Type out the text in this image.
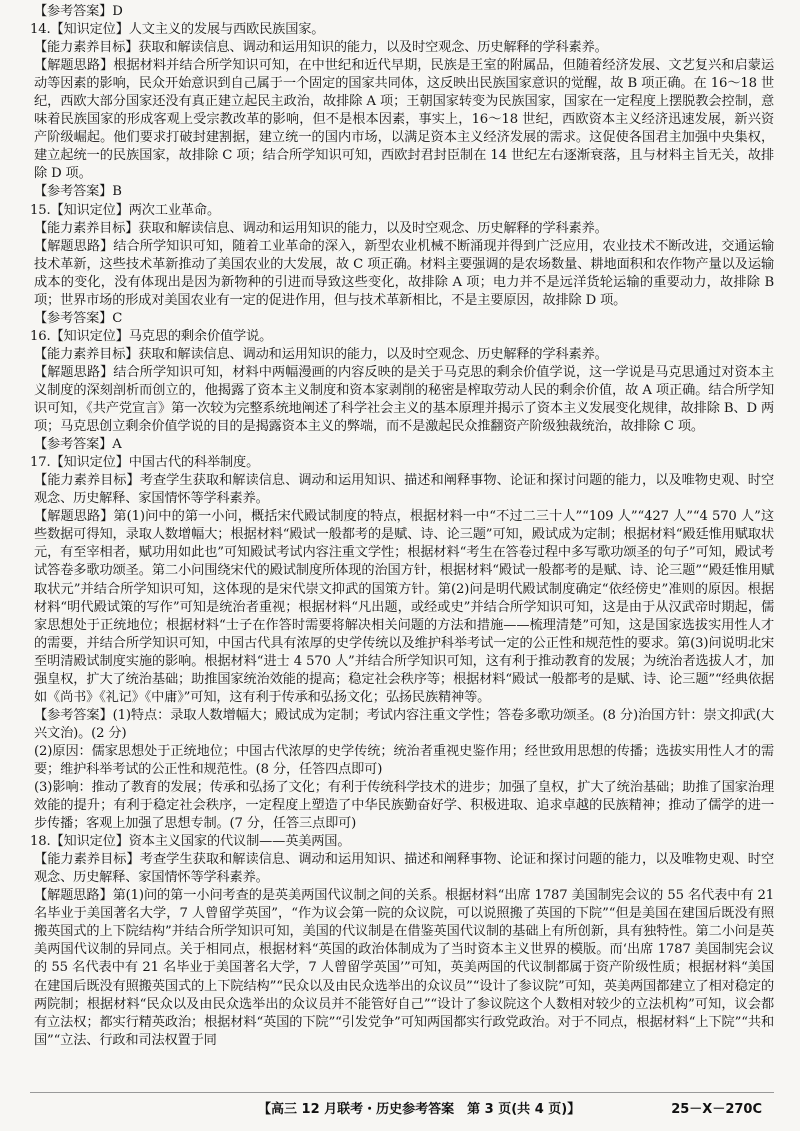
【参考答案】D

14.【知识定位】人文主义的发展与西欧民族国家。

【能力素养目标】获取和解读信息、调动和运用知识的能力，以及时空观念、历史解释的学科素养。

【解题思路】根据材料并结合所学知识可知，在中世纪和近代早期，民族是王室的附属品，但随着经济发展、文艺复兴和启蒙运动等因素的影响，民众开始意识到自己属于一个固定的国家共同体，这反映出民族国家意识的觉醒，故 B 项正确。在 16～18 世纪，西欧大部分国家还没有真正建立起民主政治，故排除 A 项；王朝国家转变为民族国家，国家在一定程度上摆脱教会控制，意味着民族国家的形成客观上受宗教改革的影响，但不是根本因素，事实上，16～18 世纪，西欧资本主义经济迅速发展，新兴资产阶级崛起。他们要求打破封建割据，建立统一的国内市场，以满足资本主义经济发展的需求。这促使各国君主加强中央集权，建立起统一的民族国家，故排除 C 项；结合所学知识可知，西欧封君封臣制在 14 世纪左右逐渐衰落，且与材料主旨无关，故排除 D 项。

【参考答案】B

15.【知识定位】两次工业革命。

【能力素养目标】获取和解读信息、调动和运用知识的能力，以及时空观念、历史解释的学科素养。

【解题思路】结合所学知识可知，随着工业革命的深入，新型农业机械不断涌现并得到广泛应用，农业技术不断改进，交通运输技术革新，这些技术革新推动了美国农业的大发展，故 C 项正确。材料主要强调的是农场数量、耕地面积和农作物产量以及运输成本的变化，没有体现出是因为新物种的引进而导致这些变化，故排除 A 项；电力并不是远洋货轮运输的重要动力，故排除 B 项；世界市场的形成对美国农业有一定的促进作用，但与技术革新相比，不是主要原因，故排除 D 项。

【参考答案】C

16.【知识定位】马克思的剩余价值学说。

【能力素养目标】获取和解读信息、调动和运用知识的能力，以及时空观念、历史解释的学科素养。

【解题思路】结合所学知识可知，材料中两幅漫画的内容反映的是关于马克思的剩余价值学说，这一学说是马克思通过对资本主义制度的深刻剖析而创立的，他揭露了资本主义制度和资本家剥削的秘密是榨取劳动人民的剩余价值，故 A 项正确。结合所学知识可知，《共产党宣言》第一次较为完整系统地阐述了科学社会主义的基本原理并揭示了资本主义发展变化规律，故排除 B、D 两项；马克思创立剩余价值学说的目的是揭露资本主义的弊端，而不是激起民众推翻资产阶级独裁统治，故排除 C 项。

【参考答案】A

17.【知识定位】中国古代的科举制度。

【能力素养目标】考查学生获取和解读信息、调动和运用知识、描述和阐释事物、论证和探讨问题的能力，以及唯物史观、时空观念、历史解释、家国情怀等学科素养。

【解题思路】第(1)问中的第一小问，概括宋代殿试制度的特点，根据材料一中“不过二三十人”“109 人”“427 人”“4 570 人”这些数据可得知，录取人数增幅大；根据材料“殿试一般都考的是赋、诗、论三题”可知，殿试成为定制；根据材料“殿廷惟用赋取状元，有至宰相者，赋功用如此也”可知殿试考试内容注重文学性；根据材料“考生在答卷过程中多写歌功颂圣的句子”可知，殿试考试答卷多歌功颂圣。第二小问围绕宋代的殿试制度所体现的治国方针，根据材料“殿试一般都考的是赋、诗、论三题”“殿廷惟用赋取状元”并结合所学知识可知，这体现的是宋代崇文抑武的国策方针。第(2)问是明代殿试制度确定“依经傍史”准则的原因。根据材料“明代殿试策的写作”可知是统治者重视；根据材料“凡出题，或经或史”并结合所学知识可知，这是由于从汉武帝时期起，儒家思想处于正统地位；根据材料“士子在作答时需要将解决相关问题的方法和措施——梳理清楚”可知，这是国家选拔实用性人才的需要，并结合所学知识可知，中国古代具有浓厚的史学传统以及维护科举考试一定的公正性和规范性的要求。第(3)问说明北宋至明清殿试制度实施的影响。根据材料“进士 4 570 人”并结合所学知识可知，这有利于推动教育的发展；为统治者选拔人才，加强皇权，扩大了统治基础；助推国家统治效能的提高；稳定社会秩序等；根据材料“殿试一般都考的是赋、诗、论三题”“经典依据如《尚书》《礼记》《中庸》”可知，这有利于传承和弘扬文化；弘扬民族精神等。

【参考答案】(1)特点：录取人数增幅大；殿试成为定制；考试内容注重文学性；答卷多歌功颂圣。(8 分)治国方针：崇文抑武(大兴文治)。(2 分)

(2)原因：儒家思想处于正统地位；中国古代浓厚的史学传统；统治者重视史鉴作用；经世致用思想的传播；选拔实用性人才的需要；维护科举考试的公正性和规范性。(8 分，任答四点即可)

(3)影响：推动了教育的发展；传承和弘扬了文化；有利于传统科学技术的进步；加强了皇权，扩大了统治基础；助推了国家治理效能的提升；有利于稳定社会秩序，一定程度上塑造了中华民族勤奋好学、积极进取、追求卓越的民族精神；推动了儒学的进一步传播；客观上加强了思想专制。(7 分，任答三点即可)

18.【知识定位】资本主义国家的代议制——英美两国。

【能力素养目标】考查学生获取和解读信息、调动和运用知识、描述和阐释事物、论证和探讨问题的能力，以及唯物史观、时空观念、历史解释、家国情怀等学科素养。

【解题思路】第(1)问的第一小问考查的是英美两国代议制之间的关系。根据材料“出席 1787 美国制宪会议的 55 名代表中有 21 名毕业于美国著名大学，7 人曾留学英国”，“作为议会第一院的众议院，可以说照搬了英国的下院”“但是美国在建国后既没有照搬英国式的上下院结构”并结合所学知识可知，美国的代议制是在借鉴英国代议制的基础上有所创新，具有独特性。第二小问是英美两国代议制的异同点。关于相同点，根据材料“英国的政治体制成为了当时资本主义世界的模版。而‘出席 1787 美国制宪会议的 55 名代表中有 21 名毕业于美国著名大学，7 人曾留学英国’”可知，英美两国的代议制都属于资产阶级性质；根据材料“美国在建国后既没有照搬英国式的上下院结构”“民众以及由民众选举出的众议员”“设计了参议院”可知，英美两国都建立了相对稳定的两院制；根据材料“民众以及由民众选举出的众议员并不能管好自己”“设计了参议院这个人数相对较少的立法机构”可知，议会都有立法权；都实行精英政治；根据材料“英国的下院”“引发党争”可知两国都实行政党政治。对于不同点，根据材料“上下院”“共和国”“立法、行政和司法权置于同

【高三 12 月联考・历史参考答案　第 3 页(共 4 页)】	25－X－270C
